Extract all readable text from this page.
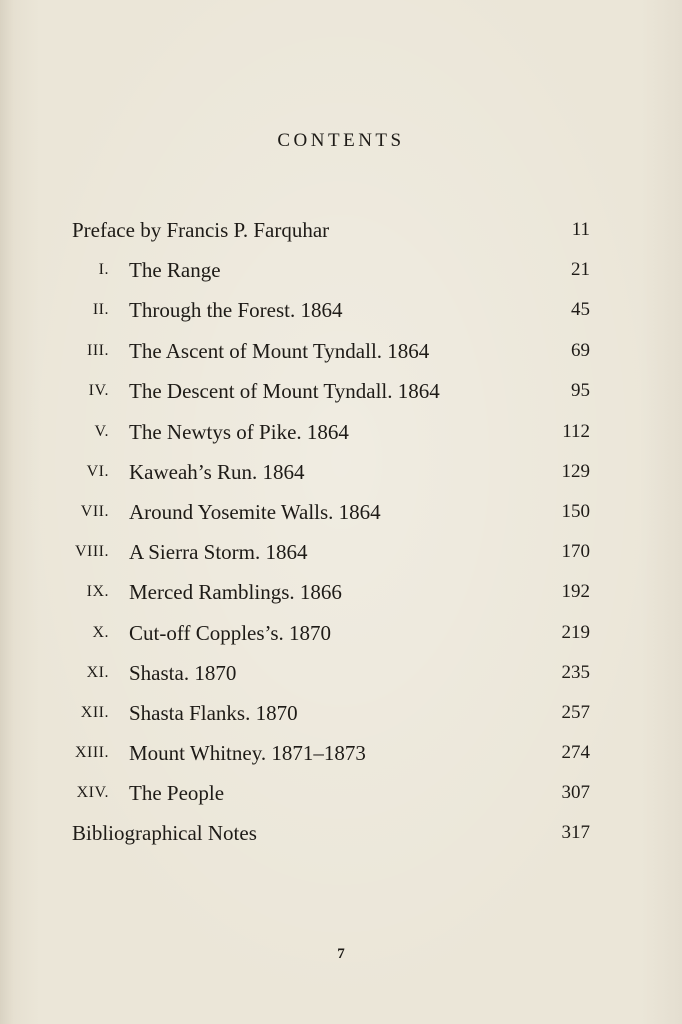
CONTENTS
Preface by Francis P. Farquhar	11
I. The Range	21
II. Through the Forest. 1864	45
III. The Ascent of Mount Tyndall. 1864	69
IV. The Descent of Mount Tyndall. 1864	95
V. The Newtys of Pike. 1864	112
VI. Kaweah’s Run. 1864	129
VII. Around Yosemite Walls. 1864	150
VIII. A Sierra Storm. 1864	170
IX. Merced Ramblings. 1866	192
X. Cut-off Copples’s. 1870	219
XI. Shasta. 1870	235
XII. Shasta Flanks. 1870	257
XIII. Mount Whitney. 1871–1873	274
XIV. The People	307
Bibliographical Notes	317
7
